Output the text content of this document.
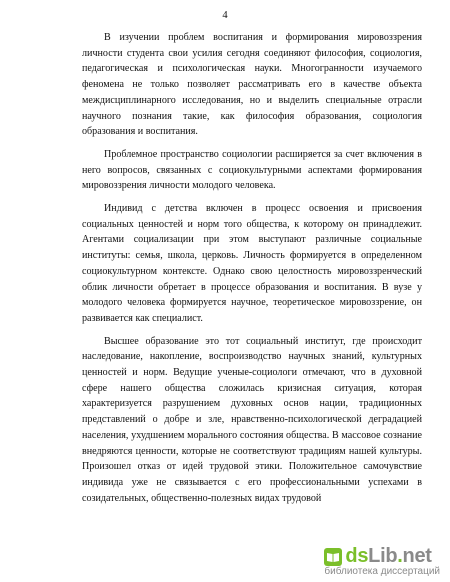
4

В изучении проблем воспитания и формирования мировоззрения личности студента свои усилия сегодня соединяют философия, социология, педагогическая и психологическая науки. Многогранности изучаемого феномена не только позволяет рассматривать его в качестве объекта междисциплинарного исследования, но и выделить специальные отрасли научного познания такие, как философия образования, социология образования и воспитания.

Проблемное пространство социологии расширяется за счет включения в него вопросов, связанных с социокультурными аспектами формирования мировоззрения личности молодого человека.

Индивид с детства включен в процесс освоения и присвоения социальных ценностей и норм того общества, к которому он принадлежит. Агентами социализации при этом выступают различные социальные институты: семья, школа, церковь. Личность формируется в определенном социокультурном контексте. Однако свою целостность мировоззренческий облик личности обретает в процессе образования и воспитания. В вузе у молодого человека формируется научное, теоретическое мировоззрение, он развивается как специалист.

Высшее образование это тот социальный институт, где происходит наследование, накопление, воспроизводство научных знаний, культурных ценностей и норм. Ведущие ученые-социологи отмечают, что в духовной сфере нашего общества сложилась кризисная ситуация, которая характеризуется разрушением духовных основ нации, традиционных представлений о добре и зле, нравственно-психологической деградацией населения, ухудшением морального состояния общества. В массовое сознание внедряются ценности, которые не соответствуют традициям нашей культуры. Произошел отказ от идей трудовой этики. Положительное самочувствие индивида уже не связывается с его профессиональными успехами в созидательных, общественно-полезных видах трудовой

dsLib.net
библиотека диссертаций
